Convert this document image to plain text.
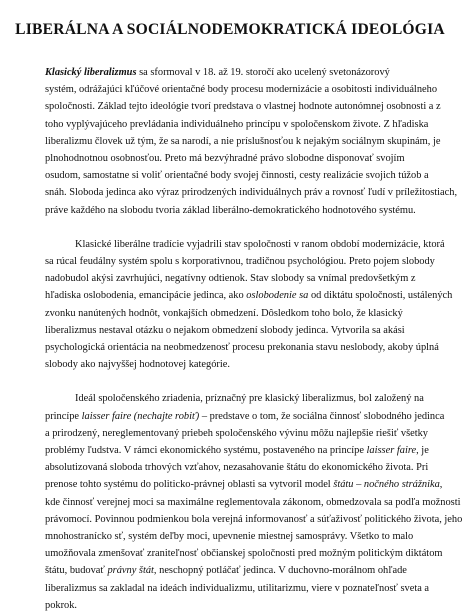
LIBERÁLNA A SOCIÁLNODEMOKRATICKÁ IDEOLÓGIA

Klasický liberalizmus sa sformoval v 18. až 19. storočí ako ucelený svetonázorový
systém, odrážajúci kľúčové orientačné body procesu modernizácie a osobitosti individuálneho
spoločnosti. Základ tejto ideológie tvorí predstava o vlastnej hodnote autonómnej osobnosti a z
toho vyplývajúceho prevládania individuálneho princípu v spoločenskom živote. Z hľadiska
liberalizmu človek už tým, že sa narodí, a nie príslušnosťou k nejakým sociálnym skupinám, je
plnohodnotnou osobnosťou. Preto má bezvýhradné právo slobodne disponovať svojím
osudom, samostatne si voliť orientačné body svojej činnosti, cesty realizácie svojich túžob a
snáh. Sloboda jedinca ako výraz prirodzených individuálnych práv a rovnosť ľudí v príležitostiach,
práve každého na slobodu tvoria základ liberálno-demokratického hodnotového systému.

Klasické liberálne tradície vyjadrili stav spoločnosti v ranom období modernizácie, ktorá
sa rúcal feudálny systém spolu s korporativnou, tradičnou psychológiou. Preto pojem slobody
nadobudol akýsi zavrhujúci, negatívny odtienok. Stav slobody sa vnímal predovšetkým z
hľadiska oslobodenia, emancipácie jedinca, ako oslobodenie sa od diktátu spoločnosti, ustálených
zvonku nanútených hodnôt, vonkajších obmedzení. Dôsledkom toho bolo, že klasický
liberalizmus nestaval otázku o nejakom obmedzení slobody jedinca. Vytvorila sa akási
psychologická orientácia na neobmedzenosť procesu prekonania stavu neslobody, akoby úplná
slobody ako najvyššej hodnotovej kategórie.

Ideál spoločenského zriadenia, príznačný pre klasický liberalizmus, bol založený na
princípe laisser faire (nechajte robiť) – predstave o tom, že sociálna činnosť slobodného jedinca
a prirodzený, nereglementovaný priebeh spoločenského vývinu môžu najlepšie riešiť všetky
problémy ľudstva. V rámci ekonomického systému, postaveného na princípe laisser faire, je
absolutizovaná sloboda trhových vzťahov, nezasahovanie štátu do ekonomického života. Pri
prenose tohto systému do politicko-právnej oblasti sa vytvoril model štátu – nočného strážnika,
kde činnosť verejnej moci sa maximálne reglementovala zákonom, obmedzovala sa podľa možnosti
právomocí. Povinnou podmienkou bola verejná informovanosť a súťaživosť politického života, jeho
mnohostranícko sť, systém deľby moci, upevnenie miestnej samosprávy. Všetko to malo
umožňovala zmenšovať zraniteľnosť občianskej spoločnosti pred možným politickým diktátom
štátu, budovať právny štát, neschopný potláčať jedinca. V duchovno-morálnom ohľade
liberalizmus sa zakladal na ideách individualizmu, utilitarizmu, viere v poznateľnosť sveta a
pokrok.
